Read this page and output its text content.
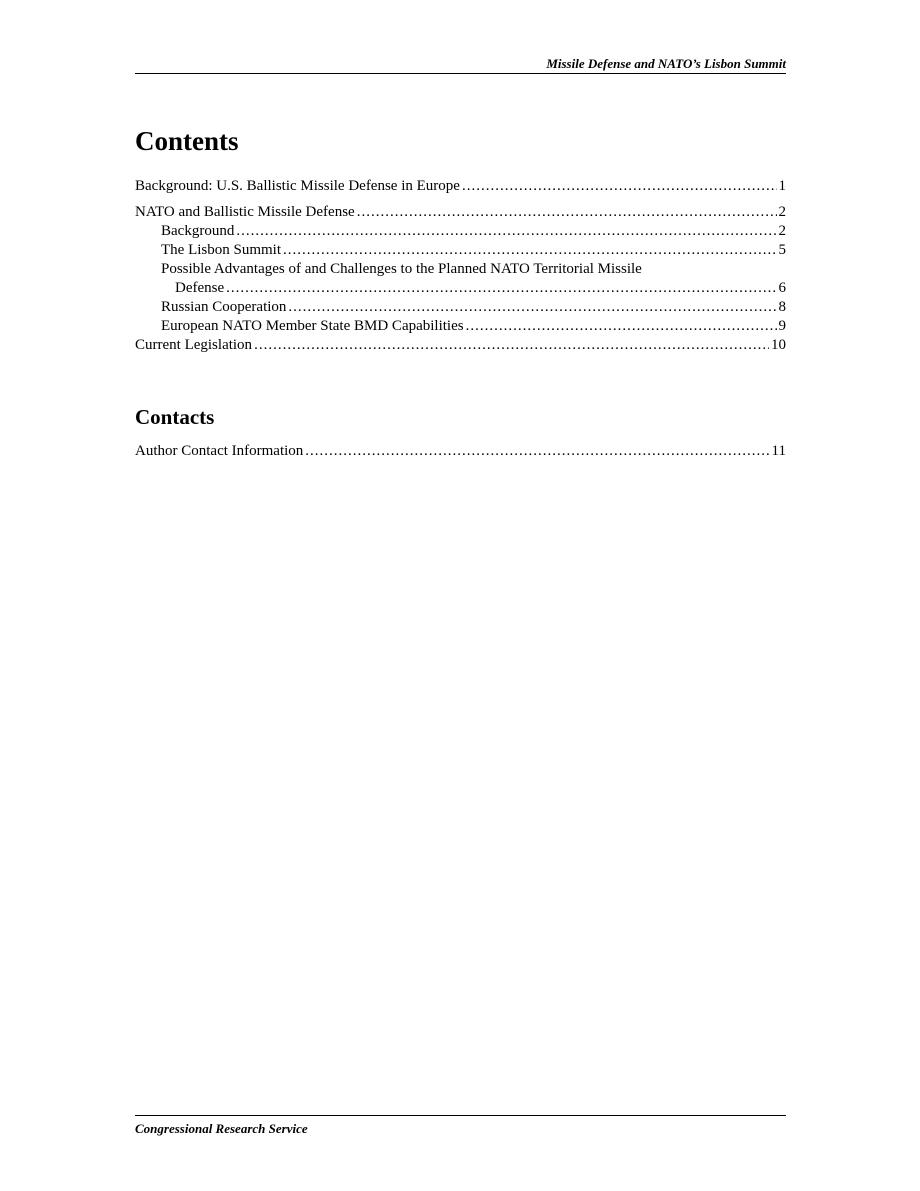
Missile Defense and NATO’s Lisbon Summit
Contents
Background: U.S. Ballistic Missile Defense in Europe .....	1
NATO and Ballistic Missile Defense .....	2
Background .....	2
The Lisbon Summit .....	5
Possible Advantages of and Challenges to the Planned NATO Territorial Missile
Defense .....	6
Russian Cooperation .....	8
European NATO Member State BMD Capabilities .....	9
Current Legislation .....	10
Contacts
Author Contact Information .....	11
Congressional Research Service
